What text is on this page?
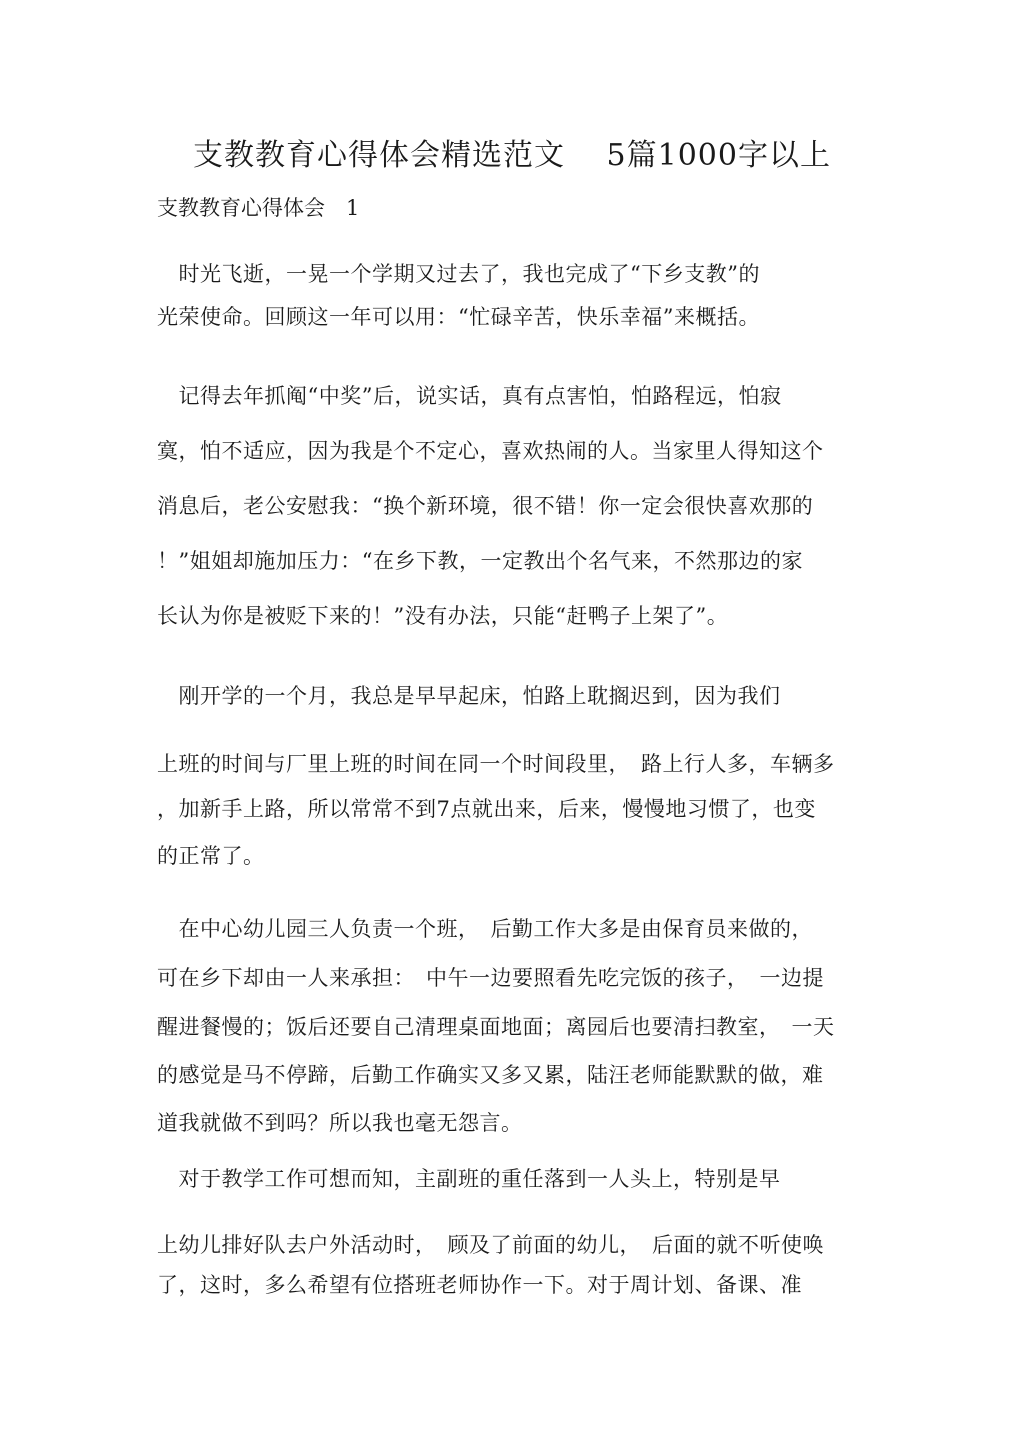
支教教育心得体会精选范文　 5篇1000字以上
支教教育心得体会　1
　时光飞逝，一晃一个学期又过去了，我也完成了“下乡支教”的
光荣使命。回顾这一年可以用：“忙碌辛苦，快乐幸福”来概括。
　记得去年抓阄“中奖”后，说实话，真有点害怕，怕路程远，怕寂
寞，怕不适应，因为我是个不定心，喜欢热闹的人。当家里人得知这个
消息后，老公安慰我：“换个新环境，很不错！你一定会很快喜欢那的
！”姐姐却施加压力：“在乡下教，一定教出个名气来，不然那边的家
长认为你是被贬下来的！”没有办法，只能“赶鸭子上架了”。
　刚开学的一个月，我总是早早起床，怕路上耽搁迟到，因为我们
上班的时间与厂里上班的时间在同一个时间段里，　路上行人多，车辆多
，加新手上路，所以常常不到7点就出来，后来，慢慢地习惯了，也变
的正常了。
　在中心幼儿园三人负责一个班，　后勤工作大多是由保育员来做的，
可在乡下却由一人来承担：　中午一边要照看先吃完饭的孩子，　一边提
醒进餐慢的；饭后还要自己清理桌面地面；离园后也要清扫教室，　一天
的感觉是马不停蹄，后勤工作确实又多又累，陆汪老师能默默的做，难
道我就做不到吗？所以我也毫无怨言。
　对于教学工作可想而知，主副班的重任落到一人头上，特别是早
上幼儿排好队去户外活动时，　顾及了前面的幼儿，　后面的就不听使唤
了，这时，多么希望有位搭班老师协作一下。对于周计划、备课、准
